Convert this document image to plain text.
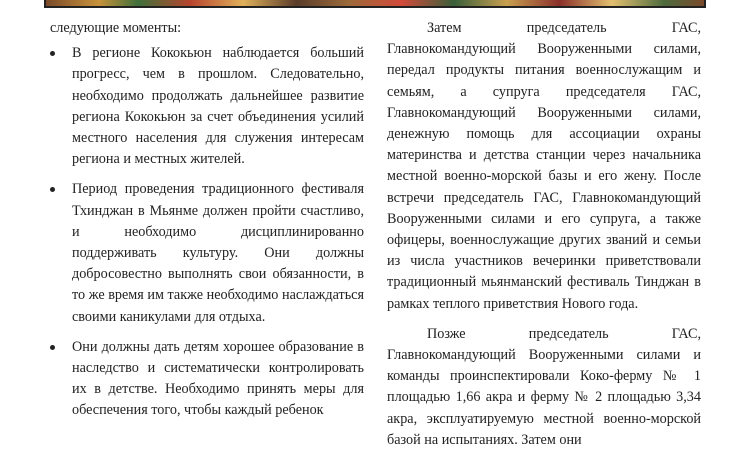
следующие моменты:

В регионе Кококьюн наблюдается больший прогресс, чем в прошлом. Следовательно, необходимо продолжать дальнейшее развитие региона Кококьюн за счет объединения усилий местного населения для служения интересам региона и местных жителей.
Период проведения традиционного фестиваля Тхинджан в Мьянме должен пройти счастливо, и необходимо дисциплинированно поддерживать культуру. Они должны добросовестно выполнять свои обязанности, в то же время им также необходимо наслаждаться своими каникулами для отдыха.
Они должны дать детям хорошее образование в наследство и систематически контролировать их в детстве. Необходимо принять меры для обеспечения того, чтобы каждый ребенок

Затем председатель ГАС, Главнокомандующий Вооруженными силами, передал продукты питания военнослужащим и семьям, а супруга председателя ГАС, Главнокомандующий Вооруженными силами, денежную помощь для ассоциации охраны материнства и детства станции через начальника местной военно-морской базы и его жену. После встречи председатель ГАС, Главнокомандующий Вооруженными силами и его супруга, а также офицеры, военнослужащие других званий и семьи из числа участников вечеринки приветствовали традиционный мьянманский фестиваль Тинджан в рамках теплого приветствия Нового года.

Позже председатель ГАС, Главнокомандующий Вооруженными силами и команды проинспектировали Коко-ферму № 1 площадью 1,66 акра и ферму № 2 площадью 3,34 акра, эксплуатируемую местной военно-морской базой на испытаниях. Затем они
